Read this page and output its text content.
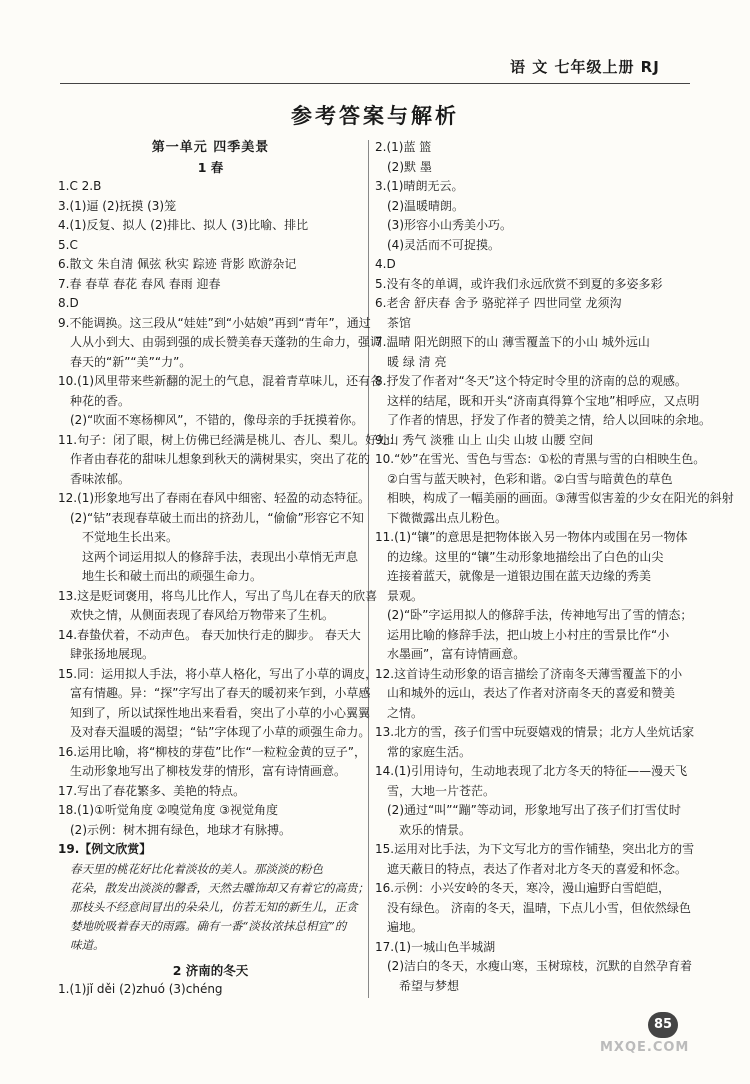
语 文 七年级上册 RJ
参考答案与解析
第一单元 四季美景
1 春
1.C 2.B
3.(1)逼 (2)抚摸 (3)笼
4.(1)反复、拟人 (2)排比、拟人 (3)比喻、排比
5.C
6.散文 朱自清 佩弦 秋实 踪迹 背影 欧游杂记
7.春 春草 春花 春风 春雨 迎春
8.D
9.不能调换。这三段从“娃娃”到“小姑娘”再到“青年”，通过
人从小到大、由弱到强的成长赞美春天蓬勃的生命力，强调
春天的“新”“美”“力”。
10.(1)风里带来些新翻的泥土的气息，混着青草味儿，还有各
种花的香。
(2)“吹面不寒杨柳风”，不错的，像母亲的手抚摸着你。
11.句子：闭了眼，树上仿佛已经满是桃儿、杏儿、梨儿。好处：
作者由春花的甜味儿想象到秋天的满树果实，突出了花的
香味浓郁。
12.(1)形象地写出了春雨在春风中细密、轻盈的动态特征。
(2)“钻”表现春草破土而出的挤劲儿，“偷偷”形容它不知
不觉地生长出来。
这两个词运用拟人的修辞手法，表现出小草悄无声息
地生长和破土而出的顽强生命力。
13.这是贬词褒用，将鸟儿比作人，写出了鸟儿在春天的欣喜
欢快之情，从侧面表现了春风给万物带来了生机。
14.春蛰伏着，不动声色。 春天加快行走的脚步。 春天大
肆张扬地展现。
15.同：运用拟人手法，将小草人格化，写出了小草的调皮，
富有情趣。异：“探”字写出了春天的暖初来乍到，小草感
知到了，所以试探性地出来看看，突出了小草的小心翼翼
及对春天温暖的渴望；“钻”字体现了小草的顽强生命力。
16.运用比喻，将“柳枝的芽苞”比作“一粒粒金黄的豆子”，
生动形象地写出了柳枝发芽的情形，富有诗情画意。
17.写出了春花繁多、美艳的特点。
18.(1)①听觉角度 ②嗅觉角度 ③视觉角度
(2)示例：树木拥有绿色，地球才有脉搏。
19.【例文欣赏】
春天里的桃花好比化着淡妆的美人。那淡淡的粉色
花朵，散发出淡淡的馨香，天然去雕饰却又有着它的高贵；
那枝头不经意间冒出的朵朵儿，仿若无知的新生儿，正贪
婪地吮吸着春天的雨露。确有一番“淡妆浓抹总相宜”的
味道。
2 济南的冬天
1.(1)jǐ děi (2)zhuó (3)chéng
2.(1)蓝 篮
(2)默 墨
3.(1)晴朗无云。
(2)温暖晴朗。
(3)形容小山秀美小巧。
(4)灵活而不可捉摸。
4.D
5.没有冬的单调，或许我们永远欣赏不到夏的多姿多彩
6.老舍 舒庆春 舍予 骆驼祥子 四世同堂 龙须沟
茶馆
7.温晴 阳光朗照下的山 薄雪覆盖下的小山 城外远山
暖 绿 清 亮
8.抒发了作者对“冬天”这个特定时令里的济南的总的观感。
这样的结尾，既和开头“济南真得算个宝地”相呼应，又点明
了作者的情思，抒发了作者的赞美之情，给人以回味的余地。
9.山 秀气 淡雅 山上 山尖 山坡 山腰 空间
10.“妙”在雪光、雪色与雪态：①松的青黑与雪的白相映生色。
②白雪与蓝天映衬，色彩和谐。②白雪与暗黄色的草色
相映，构成了一幅美丽的画面。③薄雪似害羞的少女在阳光的斜射
下微微露出点儿粉色。
11.(1)“镶”的意思是把物体嵌入另一物体内或围在另一物体
的边缘。这里的“镶”生动形象地描绘出了白色的山尖
连接着蓝天，就像是一道银边围在蓝天边缘的秀美
景观。
(2)“卧”字运用拟人的修辞手法，传神地写出了雪的情态；
运用比喻的修辞手法，把山坡上小村庄的雪景比作“小
水墨画”，富有诗情画意。
12.这首诗生动形象的语言描绘了济南冬天薄雪覆盖下的小
山和城外的远山，表达了作者对济南冬天的喜爱和赞美
之情。
13.北方的雪，孩子们雪中玩耍嬉戏的情景；北方人坐炕话家
常的家庭生活。
14.(1)引用诗句，生动地表现了北方冬天的特征——漫天飞
雪，大地一片苍茫。
(2)通过“叫”“蹦”等动词，形象地写出了孩子们打雪仗时
欢乐的情景。
15.运用对比手法，为下文写北方的雪作铺垫，突出北方的雪
遮天蔽日的特点，表达了作者对北方冬天的喜爱和怀念。
16.示例：小兴安岭的冬天，寒冷，漫山遍野白雪皑皑，
没有绿色。 济南的冬天，温晴，下点儿小雪，但依然绿色
遍地。
17.(1)一城山色半城湖
(2)洁白的冬天，水瘦山寒，玉树琼枝，沉默的自然孕育着
希望与梦想
85
MXQE.COM
